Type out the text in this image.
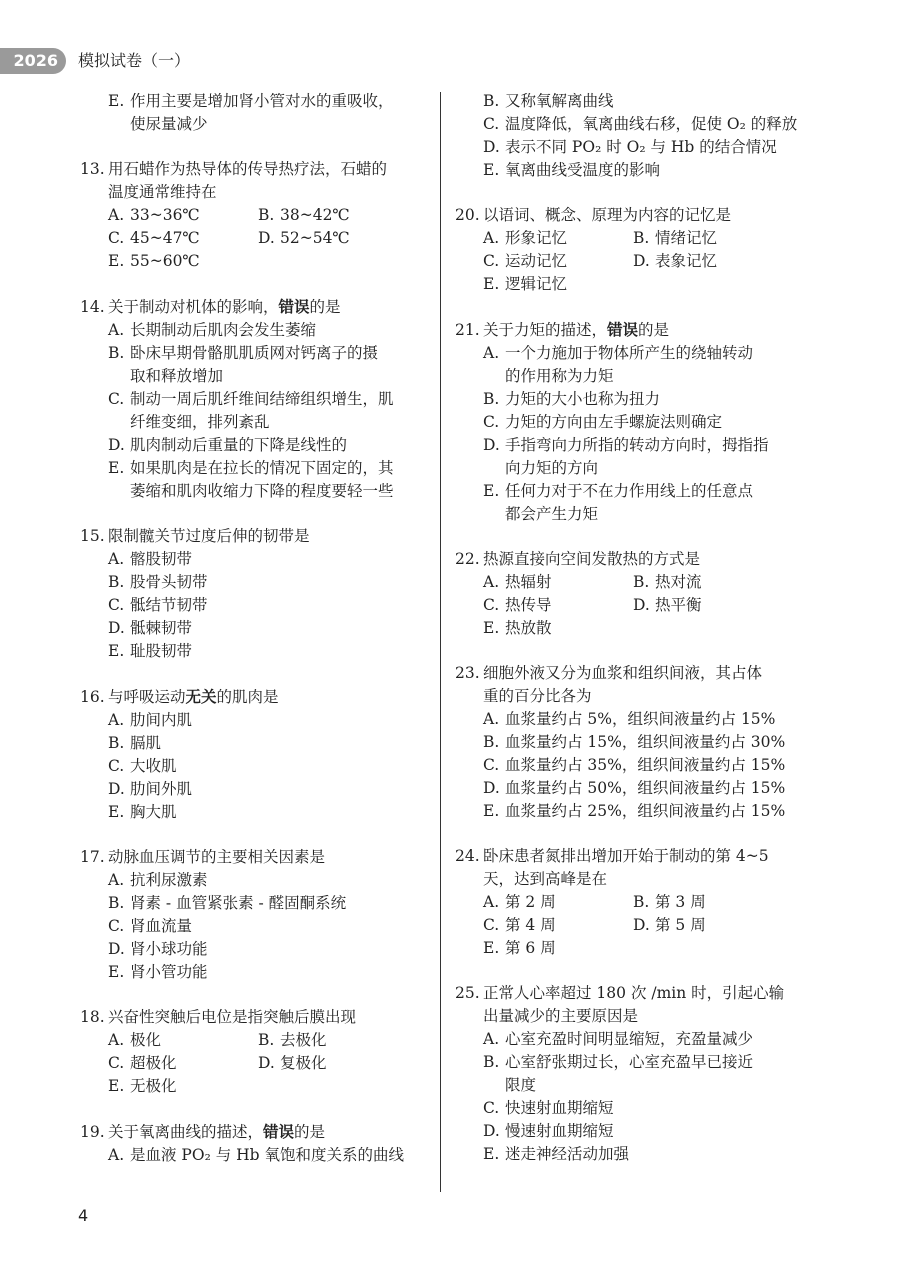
2026	模拟试卷（一）
E. 作用主要是增加肾小管对水的重吸收，
使尿量减少
13. 用石蜡作为热导体的传导热疗法，石蜡的
温度通常维持在
A. 33~36℃	B. 38~42℃
C. 45~47℃	D. 52~54℃
E. 55~60℃
14. 关于制动对机体的影响，错误的是
A. 长期制动后肌肉会发生萎缩
B. 卧床早期骨骼肌肌质网对钙离子的摄
取和释放增加
C. 制动一周后肌纤维间结缔组织增生，肌
纤维变细，排列紊乱
D. 肌肉制动后重量的下降是线性的
E. 如果肌肉是在拉长的情况下固定的，其
萎缩和肌肉收缩力下降的程度要轻一些
15. 限制髋关节过度后伸的韧带是
A. 髂股韧带
B. 股骨头韧带
C. 骶结节韧带
D. 骶棘韧带
E. 耻股韧带
16. 与呼吸运动无关的肌肉是
A. 肋间内肌
B. 膈肌
C. 大收肌
D. 肋间外肌
E. 胸大肌
17. 动脉血压调节的主要相关因素是
A. 抗利尿激素
B. 肾素 - 血管紧张素 - 醛固酮系统
C. 肾血流量
D. 肾小球功能
E. 肾小管功能
18. 兴奋性突触后电位是指突触后膜出现
A. 极化	B. 去极化
C. 超极化	D. 复极化
E. 无极化
19. 关于氧离曲线的描述，错误的是
A. 是血液 PO₂ 与 Hb 氧饱和度关系的曲线
B. 又称氧解离曲线
C. 温度降低，氧离曲线右移，促使 O₂ 的释放
D. 表示不同 PO₂ 时 O₂ 与 Hb 的结合情况
E. 氧离曲线受温度的影响
20. 以语词、概念、原理为内容的记忆是
A. 形象记忆	B. 情绪记忆
C. 运动记忆	D. 表象记忆
E. 逻辑记忆
21. 关于力矩的描述，错误的是
A. 一个力施加于物体所产生的绕轴转动
的作用称为力矩
B. 力矩的大小也称为扭力
C. 力矩的方向由左手螺旋法则确定
D. 手指弯向力所指的转动方向时，拇指指
向力矩的方向
E. 任何力对于不在力作用线上的任意点
都会产生力矩
22. 热源直接向空间发散热的方式是
A. 热辐射	B. 热对流
C. 热传导	D. 热平衡
E. 热放散
23. 细胞外液又分为血浆和组织间液，其占体
重的百分比各为
A. 血浆量约占 5%，组织间液量约占 15%
B. 血浆量约占 15%，组织间液量约占 30%
C. 血浆量约占 35%，组织间液量约占 15%
D. 血浆量约占 50%，组织间液量约占 15%
E. 血浆量约占 25%，组织间液量约占 15%
24. 卧床患者氮排出增加开始于制动的第 4~5
天，达到高峰是在
A. 第 2 周	B. 第 3 周
C. 第 4 周	D. 第 5 周
E. 第 6 周
25. 正常人心率超过 180 次 /min 时，引起心输
出量减少的主要原因是
A. 心室充盈时间明显缩短，充盈量减少
B. 心室舒张期过长，心室充盈早已接近
限度
C. 快速射血期缩短
D. 慢速射血期缩短
E. 迷走神经活动加强
4
